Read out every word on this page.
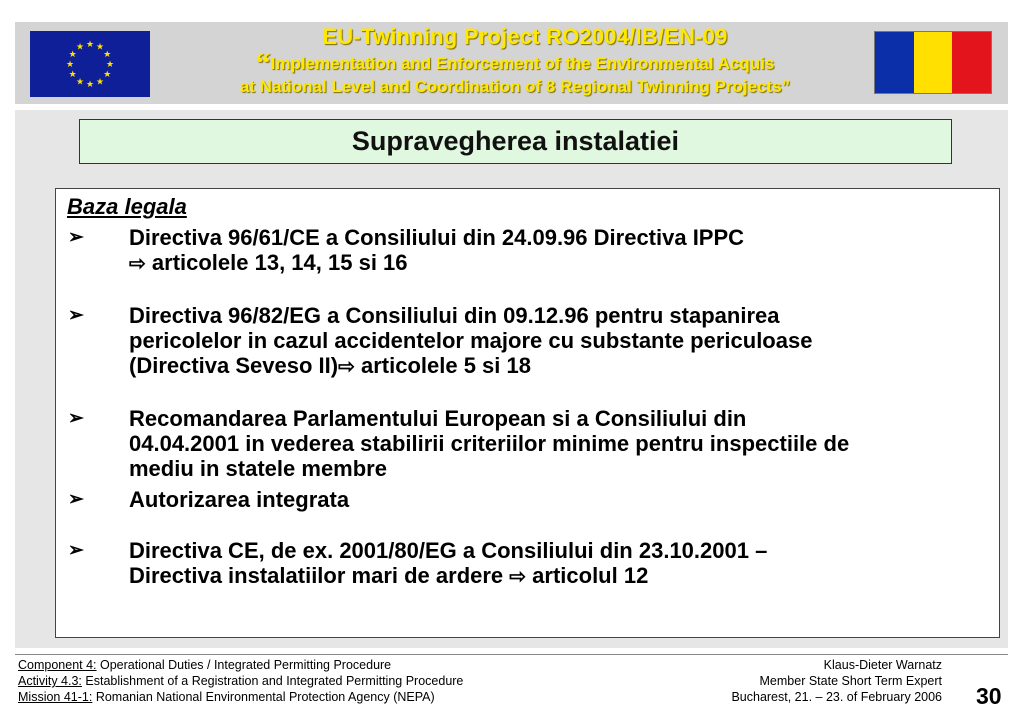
★ ★
★
★
★
★
★
★
★
★
★
★	EU-Twinning Project RO2004/IB/EN-09
“Implementation and Enforcement of the Environmental Acquis
at National Level and Coordination of 8 Regional Twinning Projects”
Supravegherea instalatiei
Baza legala
➢ Directiva 96/61/CE a Consiliului din 24.09.96 Directiva IPPC
⇨ articolele 13, 14, 15 si 16
➢ Directiva 96/82/EG a Consiliului din 09.12.96 pentru stapanirea
pericolelor in cazul accidentelor majore cu substante periculoase
(Directiva Seveso II)⇨ articolele 5 si 18
➢ Recomandarea Parlamentului European si a Consiliului din
04.04.2001 in vederea stabilirii criteriilor minime pentru inspectiile de
mediu in statele membre
➢ Autorizarea integrata
➢ Directiva CE, de ex. 2001/80/EG a Consiliului din 23.10.2001 –
Directiva instalatiilor mari de ardere ⇨ articolul 12
Component 4: Operational Duties / Integrated Permitting Procedure
Activity 4.3: Establishment of a Registration and Integrated Permitting Procedure
Mission 41-1: Romanian National Environmental Protection Agency (NEPA)
Klaus-Dieter Warnatz
Member State Short Term Expert
Bucharest, 21. – 23. of February 2006 30
